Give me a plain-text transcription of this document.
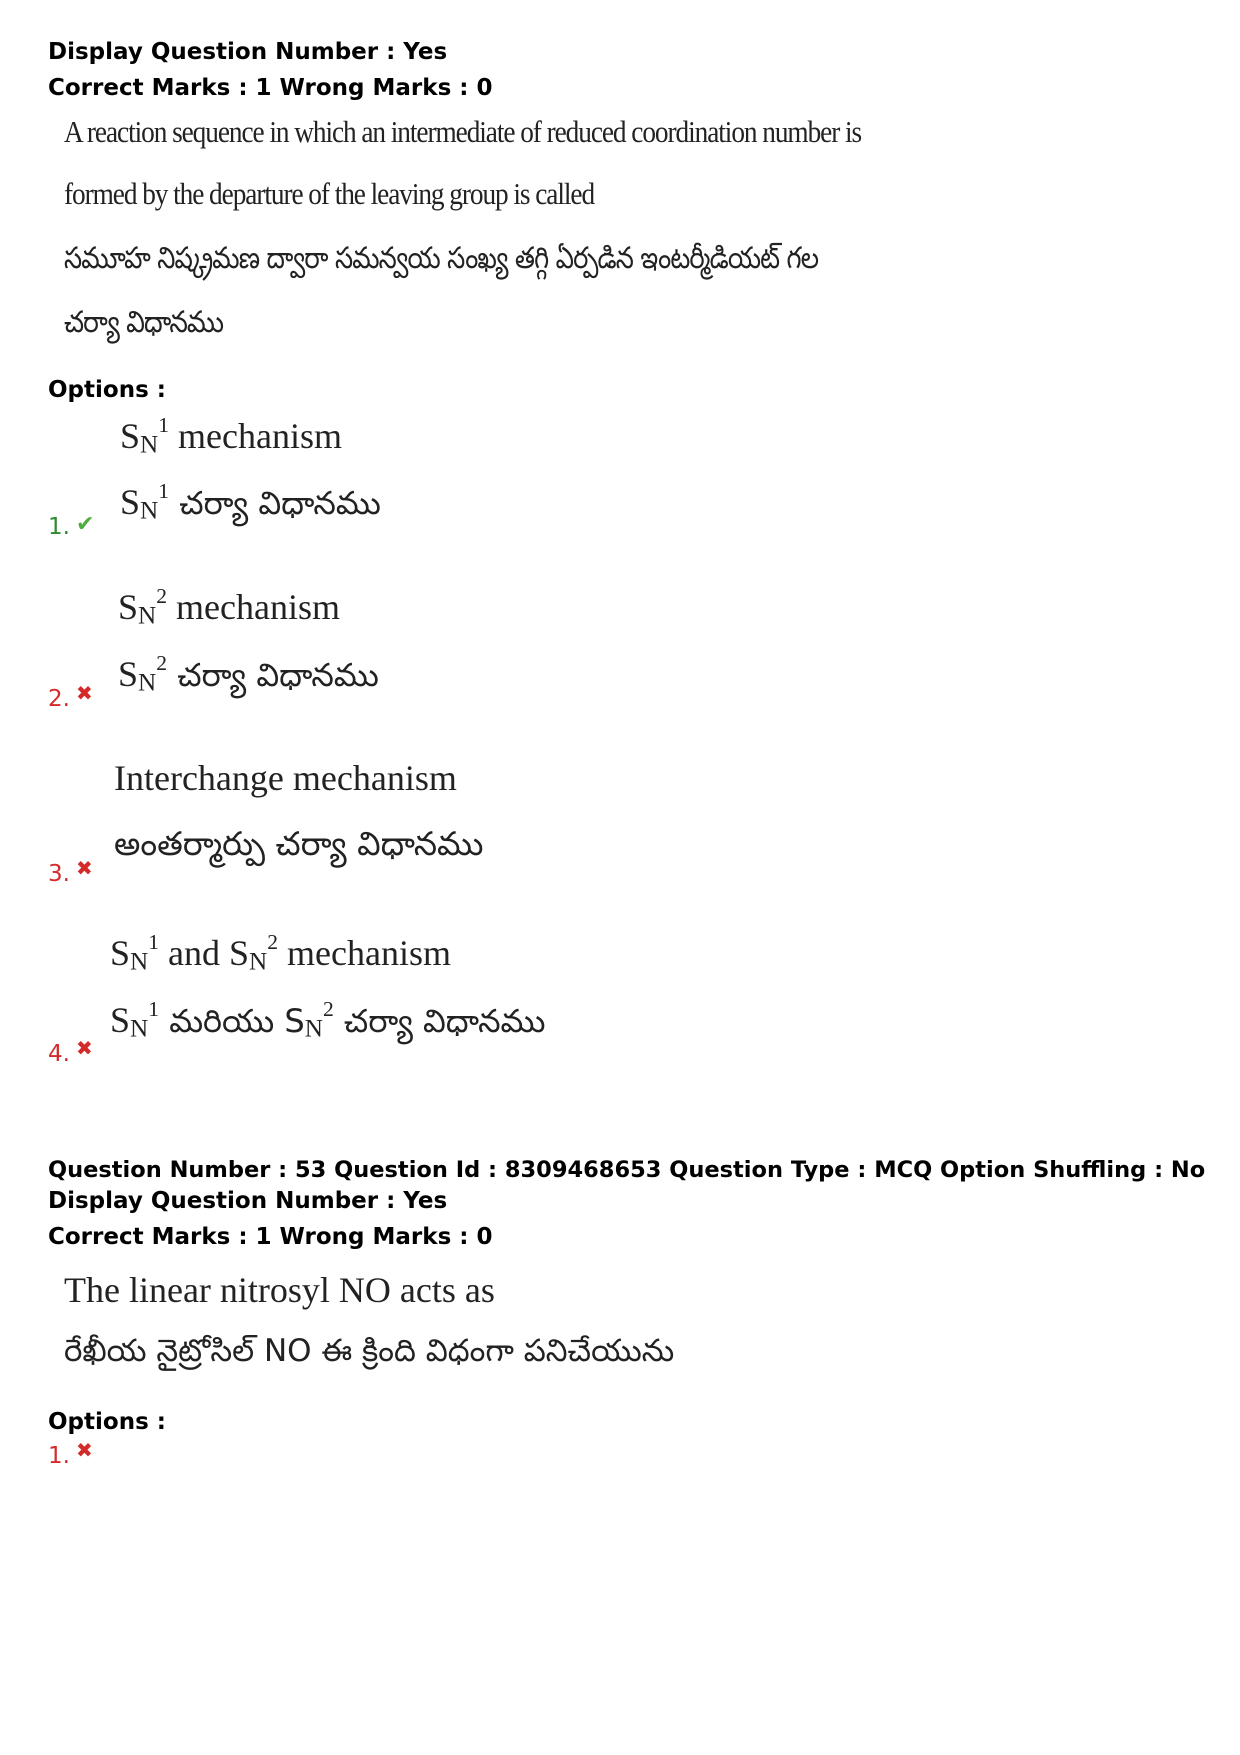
Display Question Number : Yes
Correct Marks : 1 Wrong Marks : 0
A reaction sequence in which an intermediate of reduced coordination number is
formed by the departure of the leaving group is called
సమూహ నిష్క్రమణ ద్వారా సమన్వయ సంఖ్య తగ్గి ఏర్పడిన ఇంటర్మీడియట్ గల
చర్యా విధానము
Options :
$S_N^1$ mechanism
$S_N^1$ చర్యా విధానము
1. ✔
$S_N^2$ mechanism
$S_N^2$ చర్యా విధానము
2. ✖
Interchange mechanism
అంతర్మార్పు చర్యా విధానము
3. ✖
$S_N^1$ and $S_N^2$ mechanism
$S_N^1$ మరియు $S_N^2$ చర్యా విధానము
4. ✖
Question Number : 53 Question Id : 8309468653 Question Type : MCQ Option Shuffling : No
Display Question Number : Yes
Correct Marks : 1 Wrong Marks : 0
The linear nitrosyl NO acts as
రేఖీయ నైట్రోసిల్ NO ఈ క్రింది విధంగా పనిచేయును
Options :
1. ✖
